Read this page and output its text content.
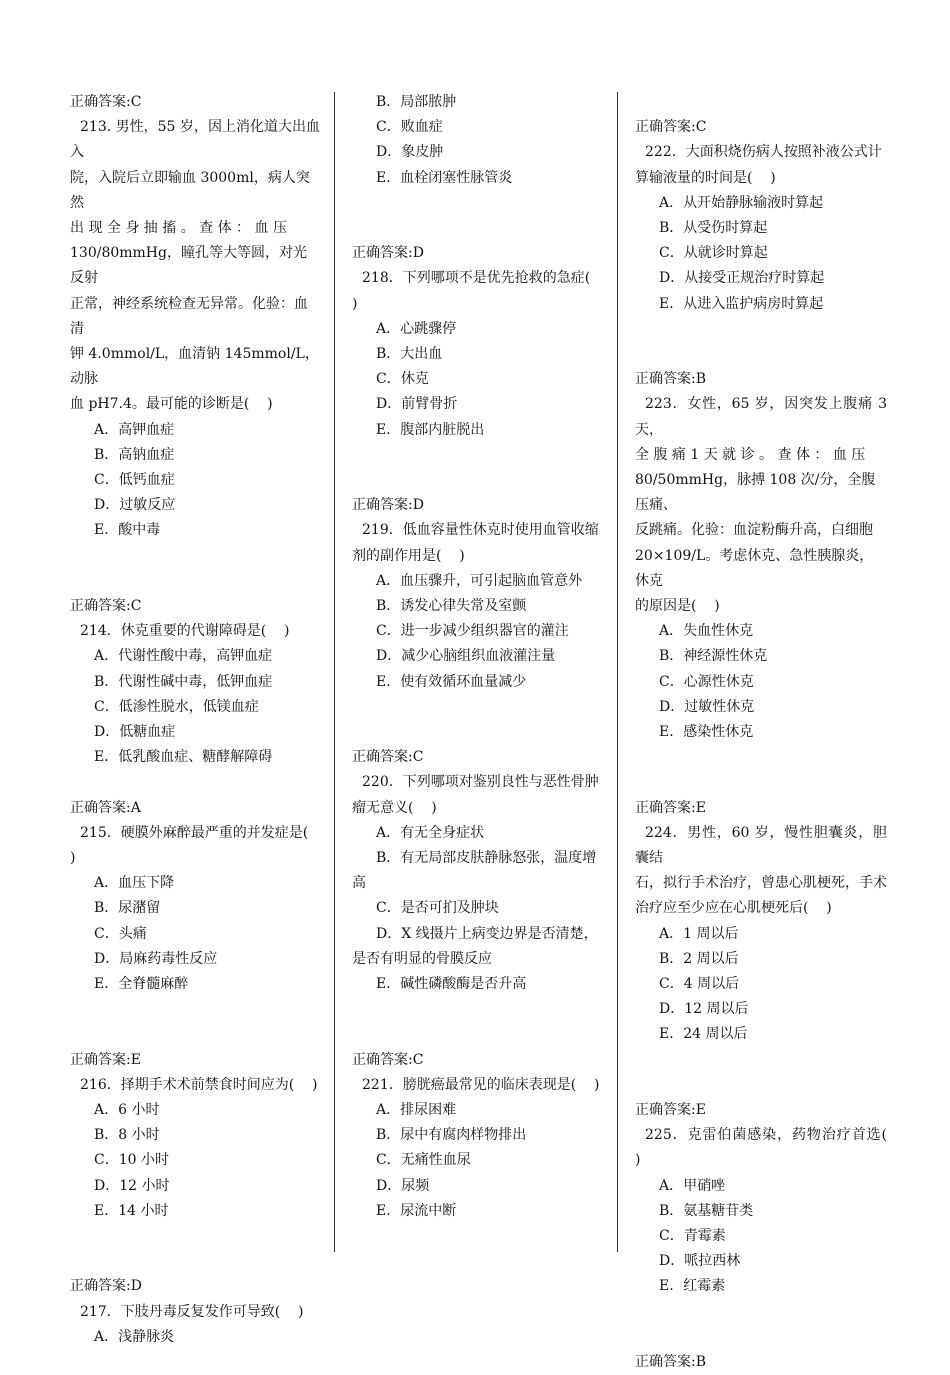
正确答案:C
213. 男性，55 岁，因上消化道大出血入
院，入院后立即输血 3000ml，病人突然
出 现 全 身 抽 搐 。 查 体 ： 血 压
130/80mmHg，瞳孔等大等圆，对光反射
正常，神经系统检查无异常。化验：血清
钾 4.0mmol/L，血清钠 145mmol/L，动脉
血 pH7.4。最可能的诊断是(    )
A．高钾血症
B．高钠血症
C．低钙血症
D．过敏反应
E．酸中毒
正确答案:C
214．休克重要的代谢障碍是(    )
A．代谢性酸中毒，高钾血症
B．代谢性碱中毒，低钾血症
C．低渗性脱水，低镁血症
D．低糖血症
E．低乳酸血症、糖酵解障碍
正确答案:A
215．硬膜外麻醉最严重的并发症是(
)
A．血压下降
B．尿潴留
C．头痛
D．局麻药毒性反应
E．全脊髓麻醉
正确答案:E
216．择期手术术前禁食时间应为(    )
A．6 小时
B．8 小时
C．10 小时
D．12 小时
E．14 小时
正确答案:D
217．下肢丹毒反复发作可导致(    )
A．浅静脉炎
B．局部脓肿
C．败血症
D．象皮肿
E．血栓闭塞性脉管炎
正确答案:D
218．下列哪项不是优先抢救的急症(
)
A．心跳骤停
B．大出血
C．休克
D．前臂骨折
E．腹部内脏脱出
正确答案:D
219．低血容量性休克时使用血管收缩
剂的副作用是(    )
A．血压骤升，可引起脑血管意外
B．诱发心律失常及室颤
C．进一步减少组织器官的灌注
D．减少心脑组织血液灌注量
E．使有效循环血量减少
正确答案:C
220．下列哪项对鉴别良性与恶性骨肿
瘤无意义(    )
A．有无全身症状
B．有无局部皮肤静脉怒张，温度增
高
C．是否可扪及肿块
D．X 线摄片上病变边界是否清楚，
是否有明显的骨膜反应
E．碱性磷酸酶是否升高
正确答案:C
221．膀胱癌最常见的临床表现是(    )
A．排尿困难
B．尿中有腐肉样物排出
C．无痛性血尿
D．尿频
E．尿流中断
正确答案:C
222．大面积烧伤病人按照补液公式计
算输液量的时间是(    )
A．从开始静脉输液时算起
B．从受伤时算起
C．从就诊时算起
D．从接受正规治疗时算起
E．从进入监护病房时算起
正确答案:B
223．女性，65 岁，因突发上腹痛 3 天，
全 腹 痛 1 天 就 诊 。 查 体 ： 血 压
80/50mmHg，脉搏 108 次/分，全腹压痛、
反跳痛。化验：血淀粉酶升高，白细胞
20×109/L。考虑休克、急性胰腺炎，休克
的原因是(    )
A．失血性休克
B．神经源性休克
C．心源性休克
D．过敏性休克
E．感染性休克
正确答案:E
224．男性，60 岁，慢性胆囊炎，胆囊结
石，拟行手术治疗，曾患心肌梗死，手术
治疗应至少应在心肌梗死后(    )
A．1 周以后
B．2 周以后
C．4 周以后
D．12 周以后
E．24 周以后
正确答案:E
225．克雷伯菌感染，药物治疗首选(    )
A．甲硝唑
B．氨基糖苷类
C．青霉素
D．哌拉西林
E．红霉素
正确答案:B
